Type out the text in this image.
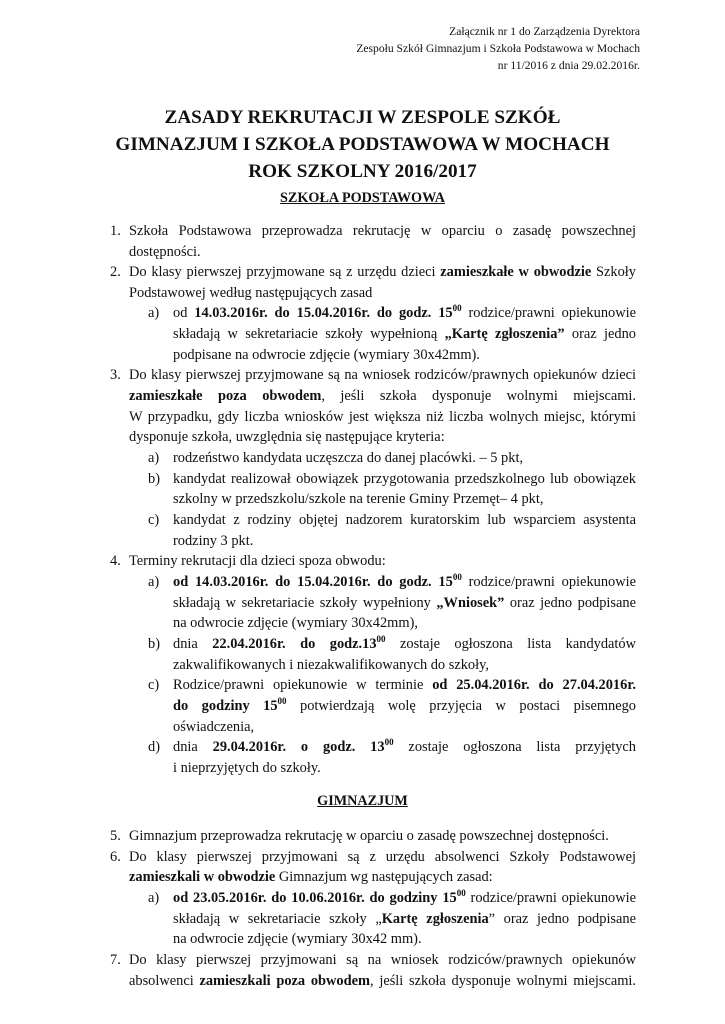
Załącznik nr 1 do Zarządzenia Dyrektora
Zespołu Szkół Gimnazjum i Szkoła Podstawowa w Mochach
nr 11/2016 z dnia 29.02.2016r.
ZASADY REKRUTACJI W ZESPOLE SZKÓŁ
GIMNAZJUM I SZKOŁA PODSTAWOWA W MOCHACH
ROK SZKOLNY 2016/2017
SZKOŁA PODSTAWOWA
1. Szkoła Podstawowa przeprowadza rekrutację w oparciu o zasadę powszechnej
dostępności.
2. Do klasy pierwszej przyjmowane są z urzędu dzieci zamieszkałe w obwodzie Szkoły
Podstawowej według następujących zasad
a) od 14.03.2016r. do 15.04.2016r. do godz. $15^{00}$ rodzice/prawni opiekunowie
składają w sekretariacie szkoły wypełnioną „Kartę zgłoszenia” oraz jedno
podpisane na odwrocie zdjęcie (wymiary 30x42mm).
3. Do klasy pierwszej przyjmowane są na wniosek rodziców/prawnych opiekunów dzieci
zamieszkałe poza obwodem, jeśli szkoła dysponuje wolnymi miejscami.
W przypadku, gdy liczba wniosków jest większa niż liczba wolnych miejsc, którymi
dysponuje szkoła, uwzględnia się następujące kryteria:
a) rodzeństwo kandydata uczęszcza do danej placówki. – 5 pkt,
b) kandydat realizował obowiązek przygotowania przedszkolnego lub obowiązek
szkolny w przedszkolu/szkole na terenie Gminy Przemęt– 4 pkt,
c) kandydat z rodziny objętej nadzorem kuratorskim lub wsparciem asystenta
rodziny 3 pkt.
4. Terminy rekrutacji dla dzieci spoza obwodu:
a) od 14.03.2016r. do 15.04.2016r. do godz. $15^{00}$ rodzice/prawni opiekunowie
składają w sekretariacie szkoły wypełniony „Wniosek” oraz jedno podpisane
na odwrocie zdjęcie (wymiary 30x42mm),
b) dnia 22.04.2016r. do $godz.13^{00}$ zostaje ogłoszona lista kandydatów
zakwalifikowanych i niezakwalifikowanych do szkoły,
c) Rodzice/prawni opiekunowie w terminie od 25.04.2016r. do 27.04.2016r.
do godziny $15^{00}$ potwierdzają wolę przyjęcia w postaci pisemnego
oświadczenia,
d) dnia 29.04.2016r. o godz. $13^{00}$ zostaje ogłoszona lista przyjętych
i nieprzyjętych do szkoły.
GIMNAZJUM
5. Gimnazjum przeprowadza rekrutację w oparciu o zasadę powszechnej dostępności.
6. Do klasy pierwszej przyjmowani są z urzędu absolwenci Szkoły Podstawowej
zamieszkali w obwodzie Gimnazjum wg następujących zasad:
a) od 23.05.2016r. do 10.06.2016r. do godziny $15^{00}$ rodzice/prawni opiekunowie
składają w sekretariacie szkoły „Kartę zgłoszenia” oraz jedno podpisane
na odwrocie zdjęcie (wymiary 30x42 mm).
7. Do klasy pierwszej przyjmowani są na wniosek rodziców/prawnych opiekunów
absolwenci zamieszkali poza obwodem, jeśli szkoła dysponuje wolnymi miejscami.
